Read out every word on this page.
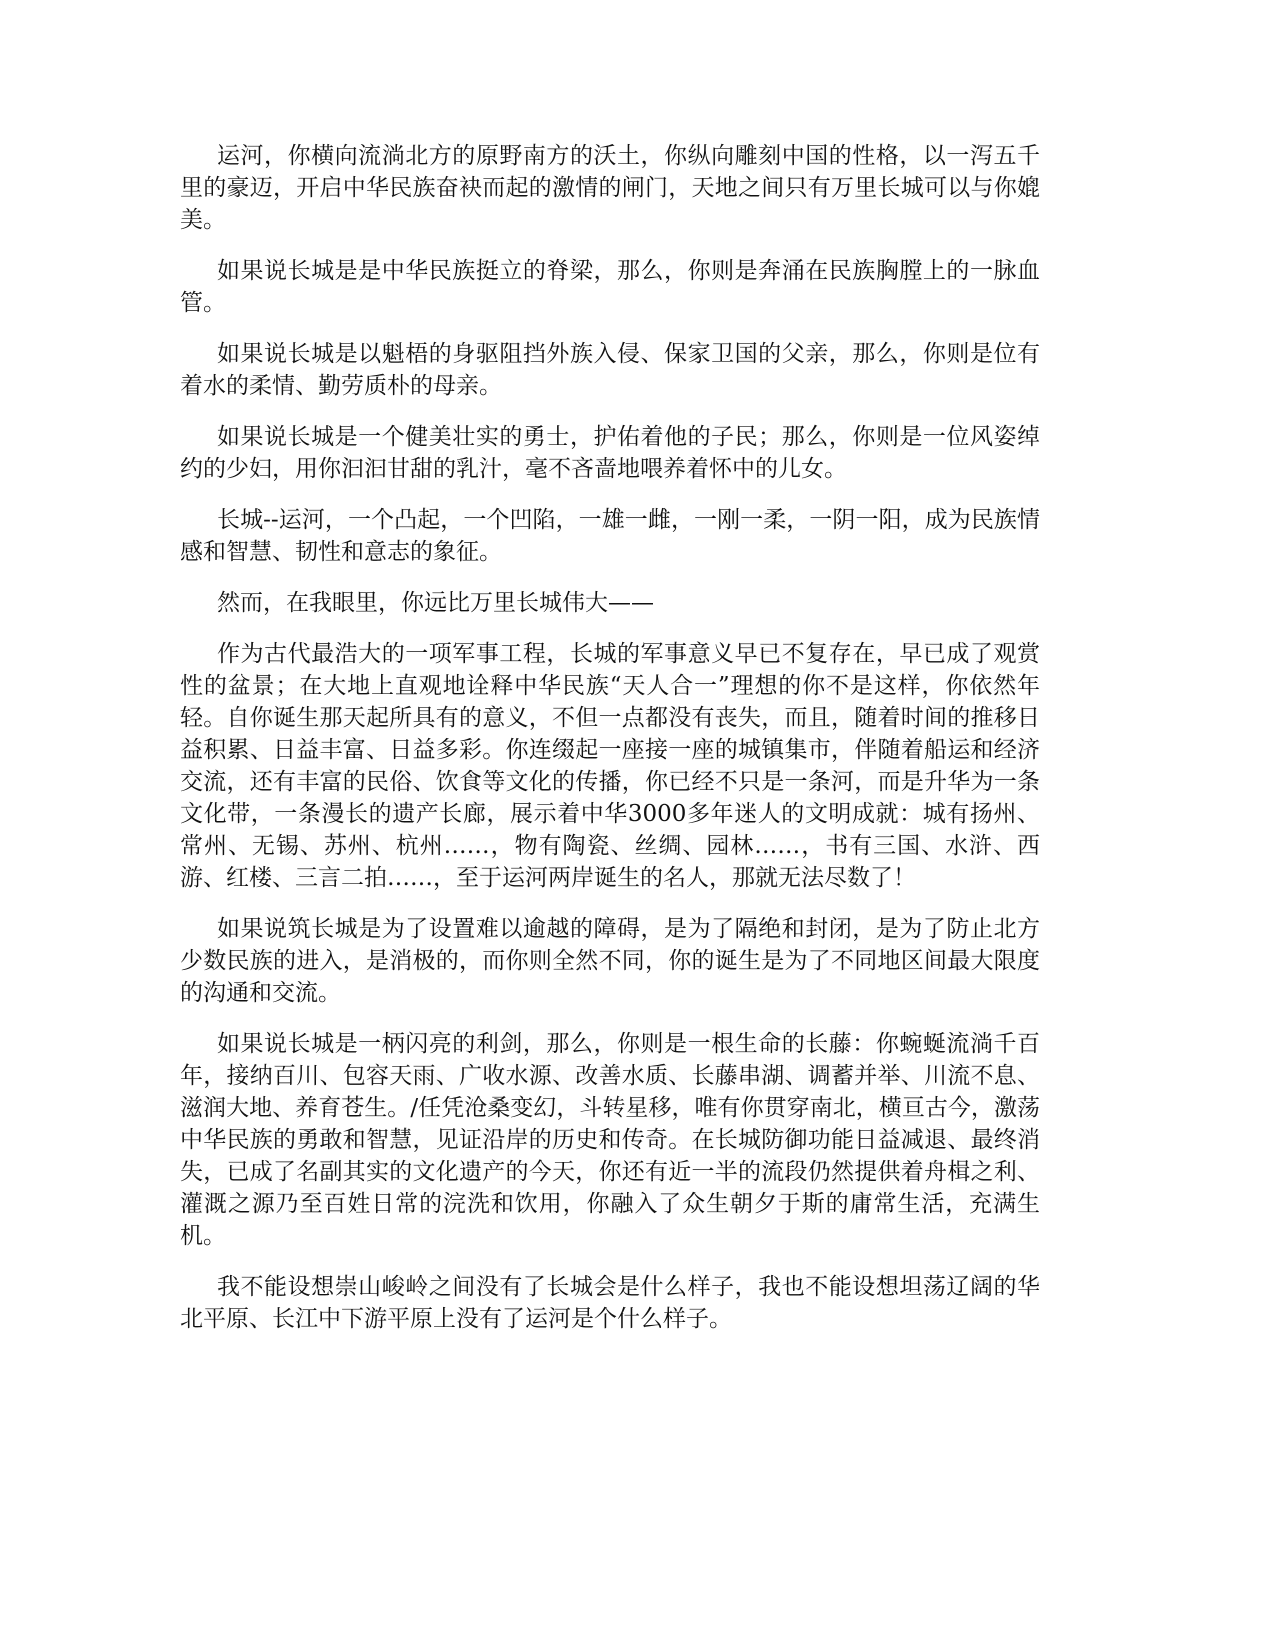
运河，你横向流淌北方的原野南方的沃土，你纵向雕刻中国的性格，以一泻五千里的豪迈，开启中华民族奋袂而起的激情的闸门，天地之间只有万里长城可以与你媲美。

如果说长城是是中华民族挺立的脊梁，那么，你则是奔涌在民族胸膛上的一脉血管。

如果说长城是以魁梧的身驱阻挡外族入侵、保家卫国的父亲，那么，你则是位有着水的柔情、勤劳质朴的母亲。

如果说长城是一个健美壮实的勇士，护佑着他的子民；那么，你则是一位风姿绰约的少妇，用你汩汩甘甜的乳汁，毫不吝啬地喂养着怀中的儿女。

长城--运河，一个凸起，一个凹陷，一雄一雌，一刚一柔，一阴一阳，成为民族情感和智慧、韧性和意志的象征。

然而，在我眼里，你远比万里长城伟大——

作为古代最浩大的一项军事工程，长城的军事意义早已不复存在，早已成了观赏性的盆景；在大地上直观地诠释中华民族“天人合一”理想的你不是这样，你依然年轻。自你诞生那天起所具有的意义，不但一点都没有丧失，而且，随着时间的推移日益积累、日益丰富、日益多彩。你连缀起一座接一座的城镇集市，伴随着船运和经济交流，还有丰富的民俗、饮食等文化的传播，你已经不只是一条河，而是升华为一条文化带，一条漫长的遗产长廊，展示着中华3000多年迷人的文明成就：城有扬州、常州、无锡、苏州、杭州……，物有陶瓷、丝绸、园林……，书有三国、水浒、西游、红楼、三言二拍……，至于运河两岸诞生的名人，那就无法尽数了！

如果说筑长城是为了设置难以逾越的障碍，是为了隔绝和封闭，是为了防止北方少数民族的进入，是消极的，而你则全然不同，你的诞生是为了不同地区间最大限度的沟通和交流。

如果说长城是一柄闪亮的利剑，那么，你则是一根生命的长藤：你蜿蜒流淌千百年，接纳百川、包容天雨、广收水源、改善水质、长藤串湖、调蓄并举、川流不息、滋润大地、养育苍生。/任凭沧桑变幻，斗转星移，唯有你贯穿南北，横亘古今，激荡中华民族的勇敢和智慧，见证沿岸的历史和传奇。在长城防御功能日益减退、最终消失，已成了名副其实的文化遗产的今天，你还有近一半的流段仍然提供着舟楫之利、灌溉之源乃至百姓日常的浣洗和饮用，你融入了众生朝夕于斯的庸常生活，充满生机。

我不能设想崇山峻岭之间没有了长城会是什么样子，我也不能设想坦荡辽阔的华北平原、长江中下游平原上没有了运河是个什么样子。
